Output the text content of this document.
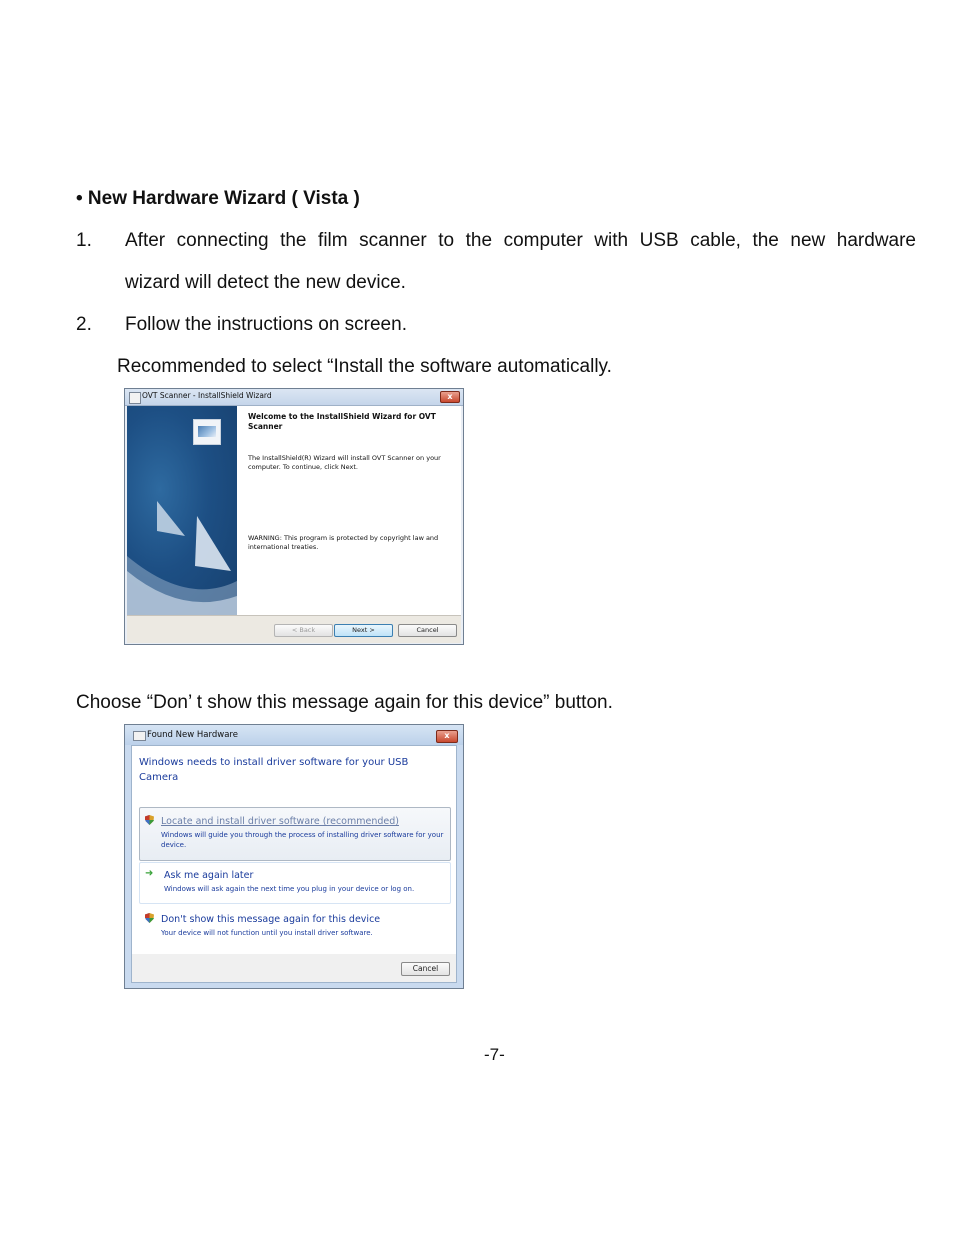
• New Hardware Wizard ( Vista )
1. After connecting the film scanner to the computer with USB cable, the new hardware
wizard will detect the new device.
2. Follow the instructions on screen.
Recommended to select “Install the software automatically.
OVT Scanner - InstallShield Wizard	x
Welcome to the InstallShield Wizard for OVT Scanner
The InstallShield(R) Wizard will install OVT Scanner on your computer. To continue, click Next.
WARNING: This program is protected by copyright law and international treaties.
< Back	Next >	Cancel
Choose “Don’ t show this message again for this device” button.
Found New Hardware	x
Windows needs to install driver software for your USB Camera
Locate and install driver software (recommended)
Windows will guide you through the process of installing driver software for your device.
➜ Ask me again later
Windows will ask again the next time you plug in your device or log on.
Don't show this message again for this device
Your device will not function until you install driver software.
Cancel
-7-
